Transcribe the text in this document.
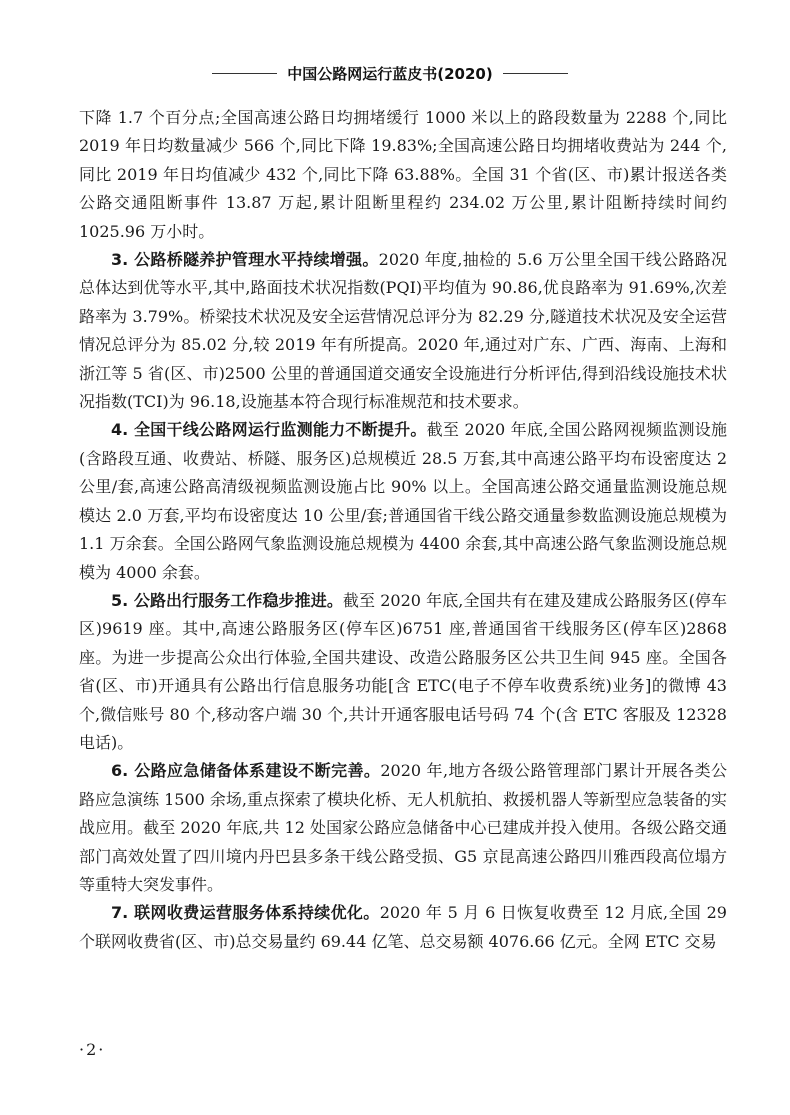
中国公路网运行蓝皮书(2020)

下降 1.7 个百分点;全国高速公路日均拥堵缓行 1000 米以上的路段数量为 2288 个,同比 2019 年日均数量减少 566 个,同比下降 19.83%;全国高速公路日均拥堵收费站为 244 个,同比 2019 年日均值减少 432 个,同比下降 63.88%。全国 31 个省(区、市)累计报送各类公路交通阻断事件 13.87 万起,累计阻断里程约 234.02 万公里,累计阻断持续时间约 1025.96 万小时。

3. 公路桥隧养护管理水平持续增强。2020 年度,抽检的 5.6 万公里全国干线公路路况总体达到优等水平,其中,路面技术状况指数(PQI)平均值为 90.86,优良路率为 91.69%,次差路率为 3.79%。桥梁技术状况及安全运营情况总评分为 82.29 分,隧道技术状况及安全运营情况总评分为 85.02 分,较 2019 年有所提高。2020 年,通过对广东、广西、海南、上海和浙江等 5 省(区、市)2500 公里的普通国道交通安全设施进行分析评估,得到沿线设施技术状况指数(TCI)为 96.18,设施基本符合现行标准规范和技术要求。

4. 全国干线公路网运行监测能力不断提升。截至 2020 年底,全国公路网视频监测设施(含路段互通、收费站、桥隧、服务区)总规模近 28.5 万套,其中高速公路平均布设密度达 2 公里/套,高速公路高清级视频监测设施占比 90% 以上。全国高速公路交通量监测设施总规模达 2.0 万套,平均布设密度达 10 公里/套;普通国省干线公路交通量参数监测设施总规模为 1.1 万余套。全国公路网气象监测设施总规模为 4400 余套,其中高速公路气象监测设施总规模为 4000 余套。

5. 公路出行服务工作稳步推进。截至 2020 年底,全国共有在建及建成公路服务区(停车区)9619 座。其中,高速公路服务区(停车区)6751 座,普通国省干线服务区(停车区)2868 座。为进一步提高公众出行体验,全国共建设、改造公路服务区公共卫生间 945 座。全国各省(区、市)开通具有公路出行信息服务功能[含 ETC(电子不停车收费系统)业务]的微博 43 个,微信账号 80 个,移动客户端 30 个,共计开通客服电话号码 74 个(含 ETC 客服及 12328 电话)。

6. 公路应急储备体系建设不断完善。2020 年,地方各级公路管理部门累计开展各类公路应急演练 1500 余场,重点探索了模块化桥、无人机航拍、救援机器人等新型应急装备的实战应用。截至 2020 年底,共 12 处国家公路应急储备中心已建成并投入使用。各级公路交通部门高效处置了四川境内丹巴县多条干线公路受损、G5 京昆高速公路四川雅西段高位塌方等重特大突发事件。

7. 联网收费运营服务体系持续优化。2020 年 5 月 6 日恢复收费至 12 月底,全国 29 个联网收费省(区、市)总交易量约 69.44 亿笔、总交易额 4076.66 亿元。全网 ETC 交易

·2·
